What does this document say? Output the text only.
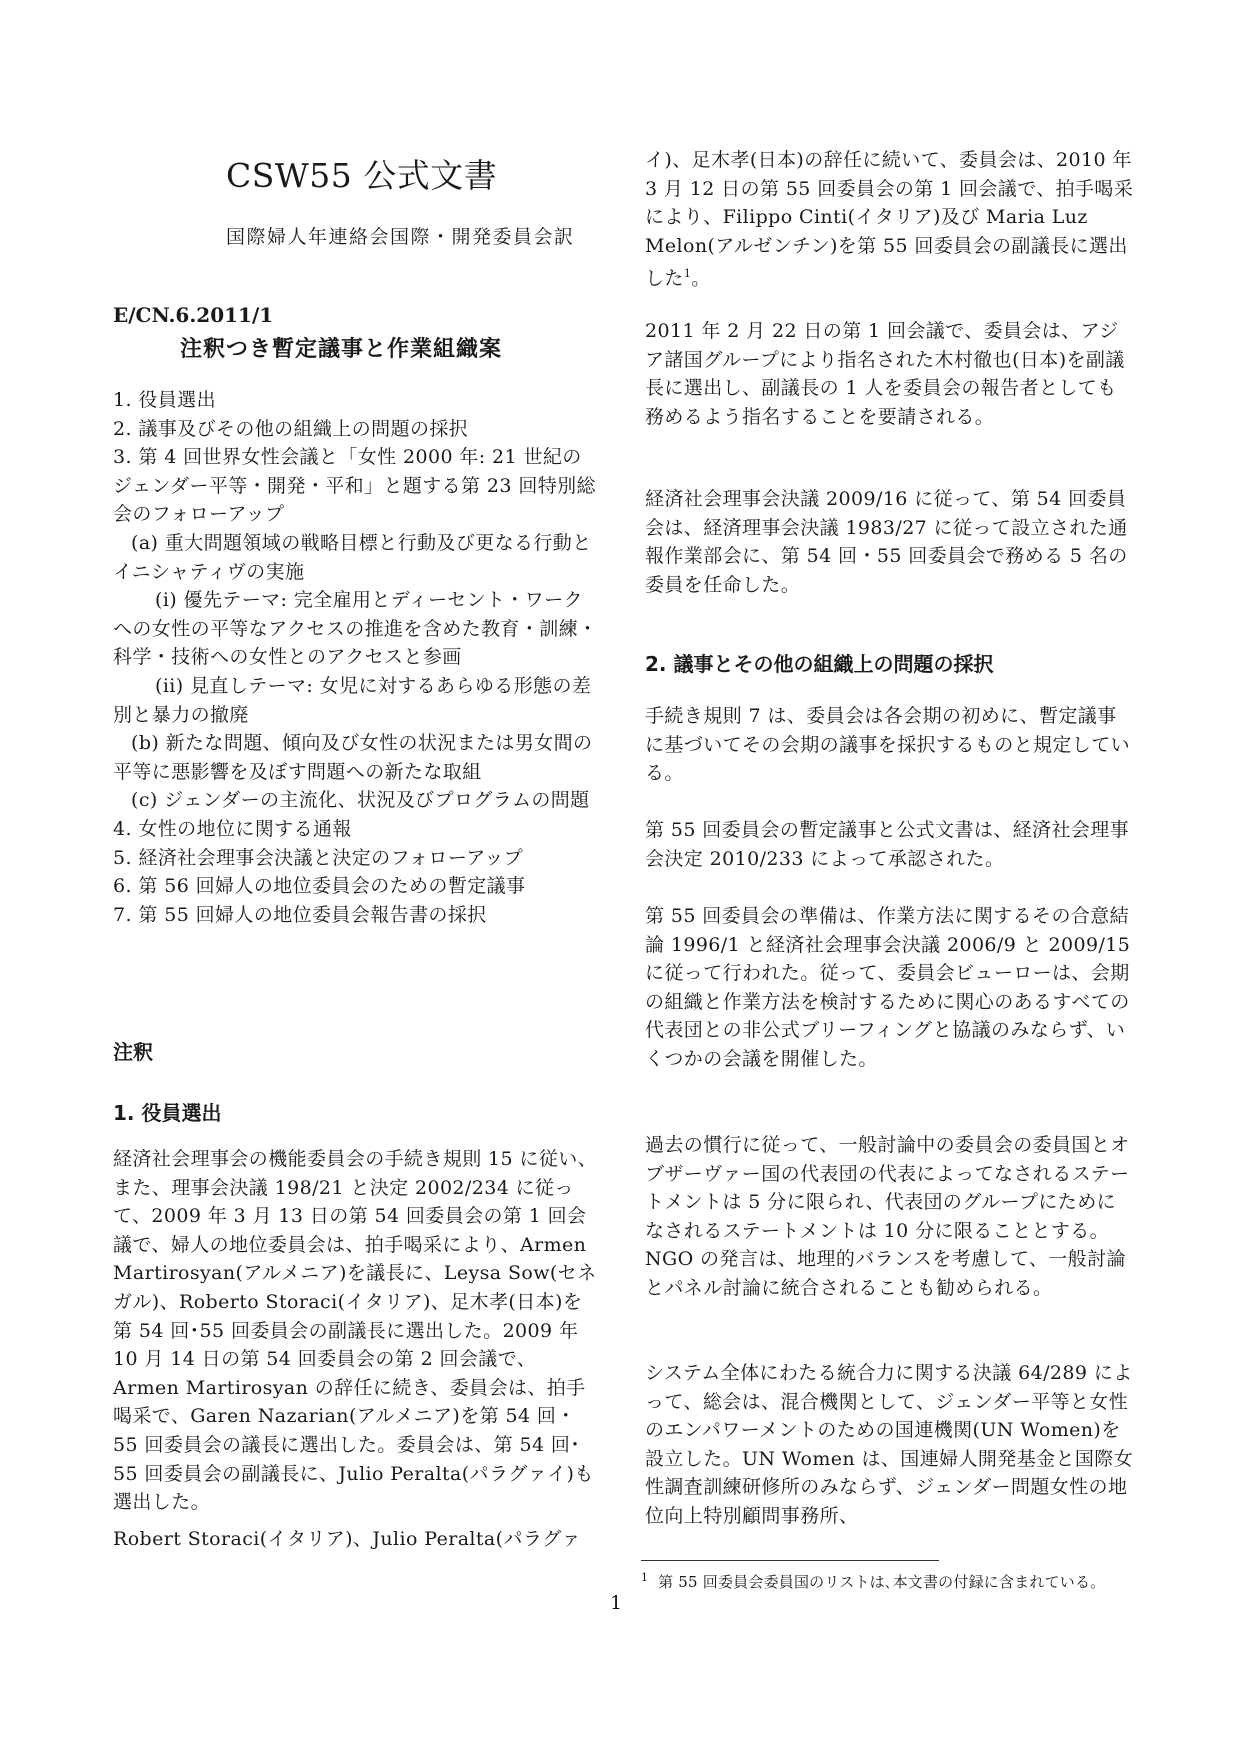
CSW55 公式文書

国際婦人年連絡会国際・開発委員会訳

E/CN.6.2011/1

注釈つき暫定議事と作業組織案

1. 役員選出
2. 議事及びその他の組織上の問題の採択
3. 第 4 回世界女性会議と「女性 2000 年: 21 世紀のジェンダー平等・開発・平和」と題する第 23 回特別総会のフォローアップ
(a) 重大問題領域の戦略目標と行動及び更なる行動とイニシャティヴの実施
(i) 優先テーマ: 完全雇用とディーセント・ワークへの女性の平等なアクセスの推進を含めた教育・訓練・科学・技術への女性とのアクセスと参画
(ii) 見直しテーマ: 女児に対するあらゆる形態の差別と暴力の撤廃
(b) 新たな問題、傾向及び女性の状況または男女間の平等に悪影響を及ぼす問題への新たな取組
(c) ジェンダーの主流化、状況及びプログラムの問題
4. 女性の地位に関する通報
5. 経済社会理事会決議と決定のフォローアップ
6. 第 56 回婦人の地位委員会のための暫定議事
7. 第 55 回婦人の地位委員会報告書の採択
注釈
1. 役員選出

経済社会理事会の機能委員会の手続き規則 15 に従い、また、理事会決議 198/21 と決定 2002/234 に従って、2009 年 3 月 13 日の第 54 回委員会の第 1 回会議で、婦人の地位委員会は、拍手喝采により、Armen Martirosyan(アルメニア)を議長に、Leysa Sow(セネガル)、Roberto Storaci(イタリア)、足木孝(日本)を第 54 回･55 回委員会の副議長に選出した。2009 年 10 月 14 日の第 54 回委員会の第 2 回会議で、Armen Martirosyan の辞任に続き、委員会は、拍手喝采で、Garen Nazarian(アルメニア)を第 54 回・55 回委員会の議長に選出した。委員会は、第 54 回･55 回委員会の副議長に、Julio Peralta(パラグァイ)も選出した。

Robert Storaci(イタリア)、Julio Peralta(パラグァ

イ)、足木孝(日本)の辞任に続いて、委員会は、2010 年 3 月 12 日の第 55 回委員会の第 1 回会議で、拍手喝采により、Filippo Cinti(イタリア)及び Maria Luz Melon(アルゼンチン)を第 55 回委員会の副議長に選出した$^1$。

2011 年 2 月 22 日の第 1 回会議で、委員会は、アジア諸国グループにより指名された木村徹也(日本)を副議長に選出し、副議長の 1 人を委員会の報告者としても務めるよう指名することを要請される。

経済社会理事会決議 2009/16 に従って、第 54 回委員会は、経済理事会決議 1983/27 に従って設立された通報作業部会に、第 54 回・55 回委員会で務める 5 名の委員を任命した。

2. 議事とその他の組織上の問題の採択

手続き規則 7 は、委員会は各会期の初めに、暫定議事に基づいてその会期の議事を採択するものと規定している。

第 55 回委員会の暫定議事と公式文書は、経済社会理事会決定 2010/233 によって承認された。

第 55 回委員会の準備は、作業方法に関するその合意結論 1996/1 と経済社会理事会決議 2006/9 と 2009/15 に従って行われた。従って、委員会ビューローは、会期の組織と作業方法を検討するために関心のあるすべての代表団との非公式ブリーフィングと協議のみならず、いくつかの会議を開催した。

過去の慣行に従って、一般討論中の委員会の委員国とオブザーヴァー国の代表団の代表によってなされるステートメントは 5 分に限られ、代表団のグループにためになされるステートメントは 10 分に限ることとする。NGO の発言は、地理的バランスを考慮して、一般討論とパネル討論に統合されることも勧められる。

システム全体にわたる統合力に関する決議 64/289 によって、総会は、混合機関として、ジェンダー平等と女性のエンパワーメントのための国連機関(UN Women)を設立した。UN Women は、国連婦人開発基金と国際女性調査訓練研修所のみならず、ジェンダー問題女性の地位向上特別顧問事務所、

$^1$ 第 55 回委員会委員国のリストは､本文書の付録に含まれている。

1
